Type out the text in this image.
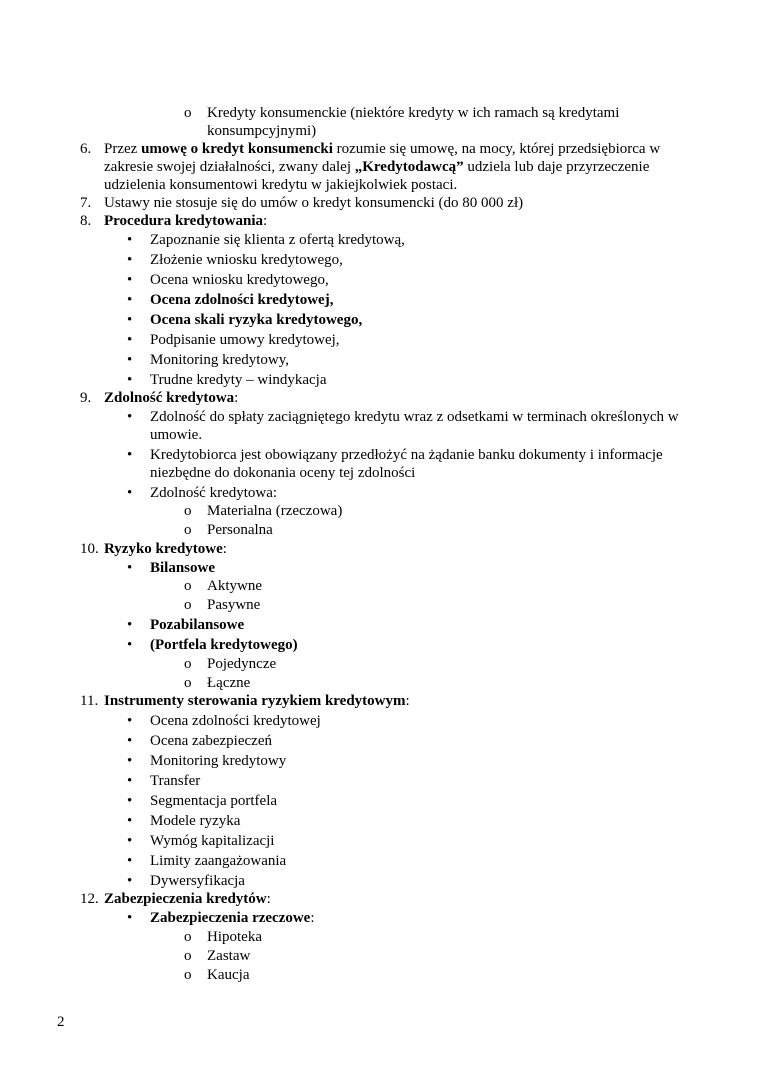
o Kredyty konsumenckie (niektóre kredyty w ich ramach są kredytami
konsumpcyjnymi)
6. Przez umowę o kredyt konsumencki rozumie się umowę, na mocy, której przedsiębiorca w
zakresie swojej działalności, zwany dalej „Kredytodawcą” udziela lub daje przyrzeczenie
udzielenia konsumentowi kredytu w jakiejkolwiek postaci.
7. Ustawy nie stosuje się do umów o kredyt konsumencki (do 80 000 zł)
8. Procedura kredytowania:
• Zapoznanie się klienta z ofertą kredytową,
• Złożenie wniosku kredytowego,
• Ocena wniosku kredytowego,
• Ocena zdolności kredytowej,
• Ocena skali ryzyka kredytowego,
• Podpisanie umowy kredytowej,
• Monitoring kredytowy,
• Trudne kredyty – windykacja
9. Zdolność kredytowa:
• Zdolność do spłaty zaciągniętego kredytu wraz z odsetkami w terminach określonych w
umowie.
• Kredytobiorca jest obowiązany przedłożyć na żądanie banku dokumenty i informacje
niezbędne do dokonania oceny tej zdolności
• Zdolność kredytowa:
o Materialna (rzeczowa)
o Personalna
10. Ryzyko kredytowe:
• Bilansowe
o Aktywne
o Pasywne
• Pozabilansowe
• (Portfela kredytowego)
o Pojedyncze
o Łączne
11. Instrumenty sterowania ryzykiem kredytowym:
• Ocena zdolności kredytowej
• Ocena zabezpieczeń
• Monitoring kredytowy
• Transfer
• Segmentacja portfela
• Modele ryzyka
• Wymóg kapitalizacji
• Limity zaangażowania
• Dywersyfikacja
12. Zabezpieczenia kredytów:
• Zabezpieczenia rzeczowe:
o Hipoteka
o Zastaw
o Kaucja
2
